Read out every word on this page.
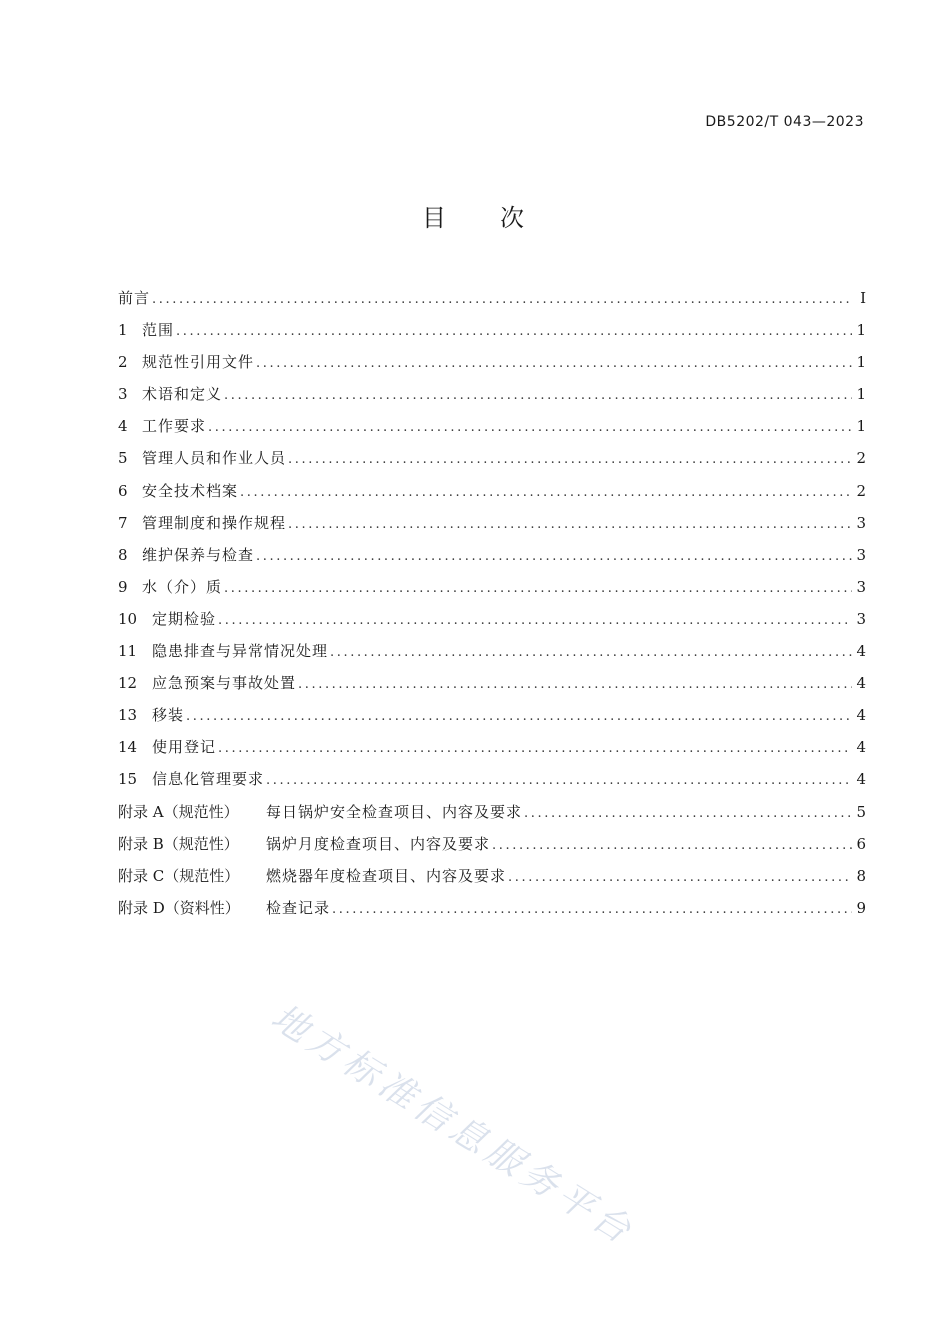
DB5202/T 043—2023
目 次
前言 .....	I
1 范围 .....	1
2 规范性引用文件 .....	1
3 术语和定义 .....	1
4 工作要求 .....	1
5 管理人员和作业人员 .....	2
6 安全技术档案 .....	2
7 管理制度和操作规程 .....	3
8 维护保养与检查 .....	3
9 水（介）质 .....	3
10 定期检验 .....	3
11 隐患排查与异常情况处理 .....	4
12 应急预案与事故处置 .....	4
13 移装 .....	4
14 使用登记 .....	4
15 信息化管理要求 .....	4
附录 A（规范性）	每日锅炉安全检查项目、内容及要求 .....	5
附录 B（规范性）	锅炉月度检查项目、内容及要求 .....	6
附录 C（规范性）	燃烧器年度检查项目、内容及要求 .....	8
附录 D（资料性）	检查记录 .....	9
地方标准信息服务平台
